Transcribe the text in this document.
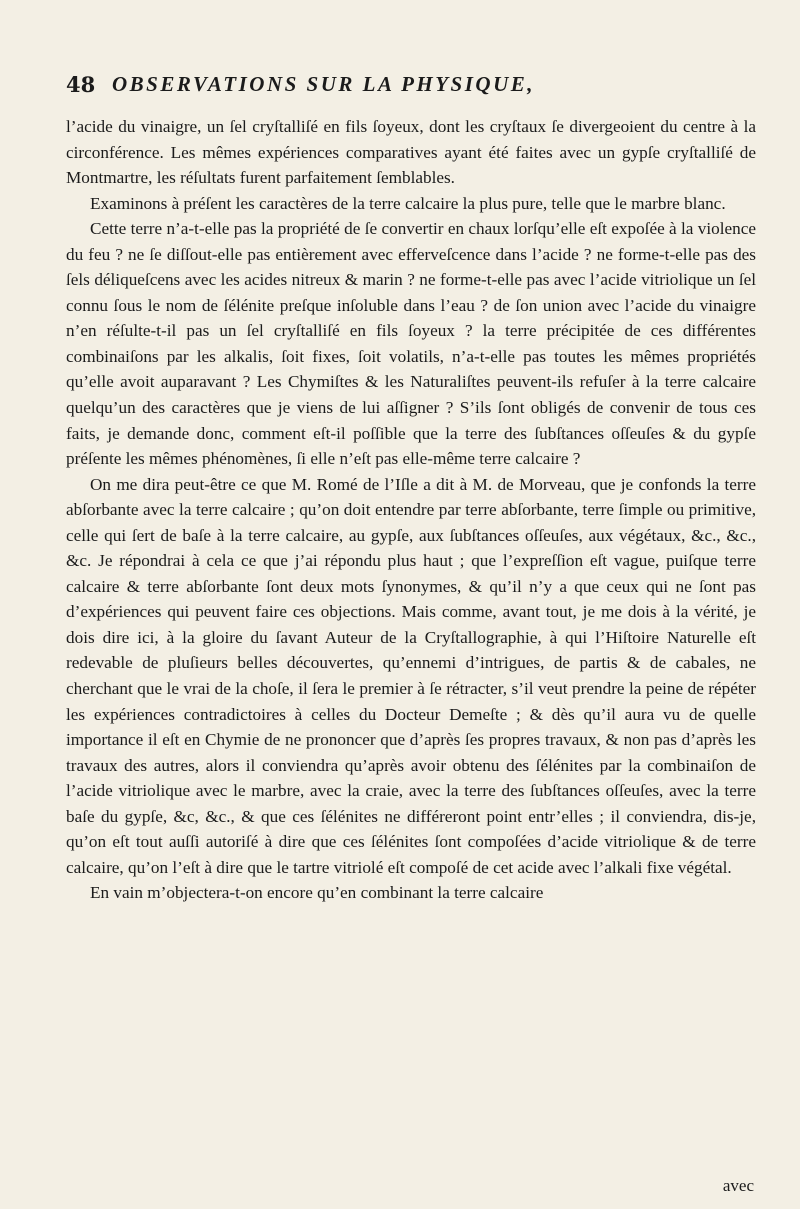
48 OBSERVATIONS SUR LA PHYSIQUE,

l’acide du vinaigre, un ſel cryſtalliſé en fils ſoyeux, dont les cryſtaux ſe divergeoient du centre à la circonférence. Les mêmes expériences comparatives ayant été faites avec un gypſe cryſtalliſé de Montmartre, les réſultats furent parfaitement ſemblables.

Examinons à préſent les caractères de la terre calcaire la plus pure, telle que le marbre blanc.

Cette terre n’a-t-elle pas la propriété de ſe convertir en chaux lorſqu’elle eſt expoſée à la violence du feu ? ne ſe diſſout-elle pas entièrement avec efferveſcence dans l’acide ? ne forme-t-elle pas des ſels déliqueſcens avec les acides nitreux & marin ? ne forme-t-elle pas avec l’acide vitriolique un ſel connu ſous le nom de ſélénite preſque inſoluble dans l’eau ? de ſon union avec l’acide du vinaigre n’en réſulte-t-il pas un ſel cryſtalliſé en fils ſoyeux ? la terre précipitée de ces différentes combinaiſons par les alkalis, ſoit fixes, ſoit volatils, n’a-t-elle pas toutes les mêmes propriétés qu’elle avoit auparavant ? Les Chymiſtes & les Naturaliſtes peuvent-ils refuſer à la terre calcaire quelqu’un des caractères que je viens de lui aſſigner ? S’ils ſont obligés de convenir de tous ces faits, je demande donc, comment eſt-il poſſible que la terre des ſubſtances oſſeuſes & du gypſe préſente les mêmes phénomènes, ſi elle n’eſt pas elle-même terre calcaire ?

On me dira peut-être ce que M. Romé de l’Iſle a dit à M. de Morveau, que je confonds la terre abſorbante avec la terre calcaire ; qu’on doit entendre par terre abſorbante, terre ſimple ou primitive, celle qui ſert de baſe à la terre calcaire, au gypſe, aux ſubſtances oſſeuſes, aux végétaux, &c., &c., &c. Je répondrai à cela ce que j’ai répondu plus haut ; que l’expreſſion eſt vague, puiſque terre calcaire & terre abſorbante ſont deux mots ſynonymes, & qu’il n’y a que ceux qui ne ſont pas d’expériences qui peuvent faire ces objections. Mais comme, avant tout, je me dois à la vérité, je dois dire ici, à la gloire du ſavant Auteur de la Cryſtallographie, à qui l’Hiſtoire Naturelle eſt redevable de pluſieurs belles découvertes, qu’ennemi d’intrigues, de partis & de cabales, ne cherchant que le vrai de la choſe, il ſera le premier à ſe rétracter, s’il veut prendre la peine de répéter les expériences contradictoires à celles du Docteur Demeſte ; & dès qu’il aura vu de quelle importance il eſt en Chymie de ne prononcer que d’après ſes propres travaux, & non pas d’après les travaux des autres, alors il conviendra qu’après avoir obtenu des ſélénites par la combinaiſon de l’acide vitriolique avec le marbre, avec la craie, avec la terre des ſubſtances oſſeuſes, avec la terre baſe du gypſe, &c, &c., & que ces ſélénites ne différeront point entr’elles ; il conviendra, dis-je, qu’on eſt tout auſſi autoriſé à dire que ces ſélénites ſont compoſées d’acide vitriolique & de terre calcaire, qu’on l’eſt à dire que le tartre vitriolé eſt compoſé de cet acide avec l’alkali fixe végétal.

En vain m’objectera-t-on encore qu’en combinant la terre calcaire

avec
